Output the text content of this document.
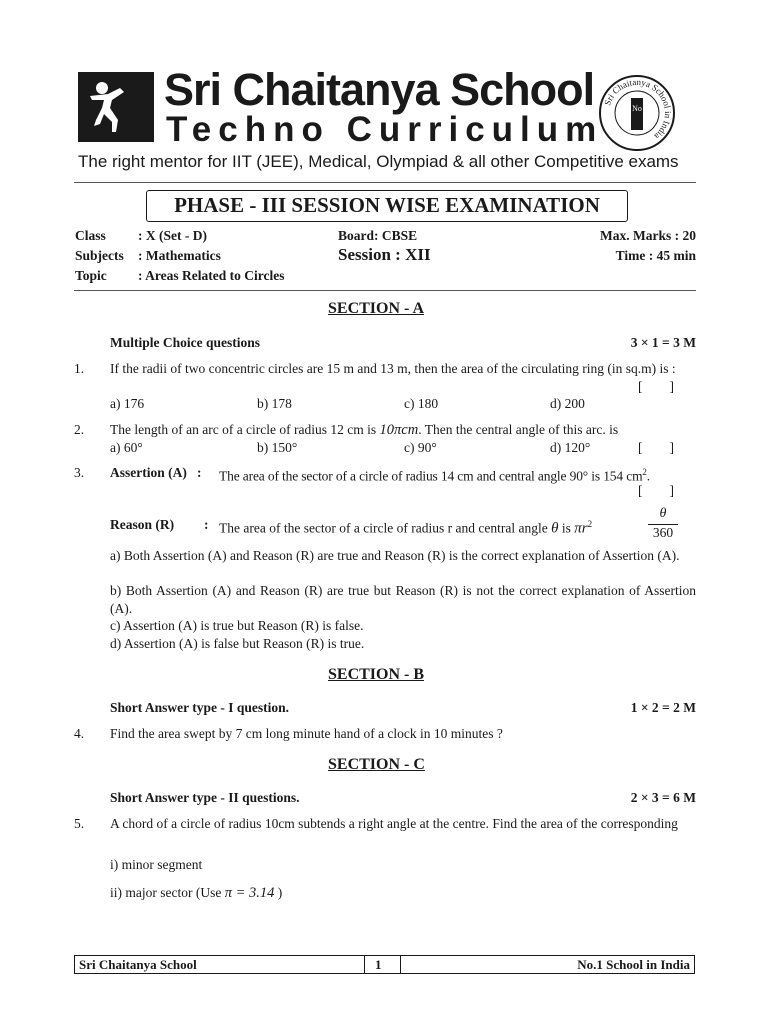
Sri Chaitanya School
Techno Curriculum
The right mentor for IIT (JEE), Medical, Olympiad & all other Competitive exams
Sri Chaitanya School in India
No
PHASE - III SESSION WISE EXAMINATION
Class : X (Set - D)
Subjects : Mathematics
Topic : Areas Related to Circles
Board: CBSE
Session : XII
Max. Marks : 20
Time : 45 min
SECTION - A
Multiple Choice questions	3 × 1 = 3 M
1. If the radii of two concentric circles are 15 m and 13 m, then the area of the circulating ring (in sq.m) is :
[        ]
a) 176	b) 178	c) 180	d) 200
2. The length of an arc of a circle of radius 12 cm is 10πcm. Then the central angle of this arc. is
a) 60°	b) 150°	c) 90°	d) 120°	[        ]
3. Assertion (A)   : The area of the sector of a circle of radius 14 cm and central angle 90° is 154 $cm^2$.
[        ]
Reason (R) : The area of the sector of a circle of radius r and central angle θ is $\pi r^2$
θ
360
a) Both Assertion (A) and Reason (R) are true and Reason (R) is the correct explanation of Assertion (A).
b) Both Assertion (A) and Reason (R) are true but Reason (R) is not the correct explanation of Assertion (A).
c) Assertion (A) is true but Reason (R) is false.
d) Assertion (A) is false but Reason (R) is true.
SECTION - B
Short Answer type - I question.	1 × 2 = 2 M
4. Find the area swept by 7 cm long minute hand of a clock in 10 minutes ?
SECTION - C
Short Answer type - II questions.	2 × 3 = 6 M
5. A chord of a circle of radius 10cm subtends a right angle at the centre. Find the area of the corresponding
i) minor segment
ii) major sector (Use π = 3.14 )
Sri Chaitanya School	1	No.1 School in India
